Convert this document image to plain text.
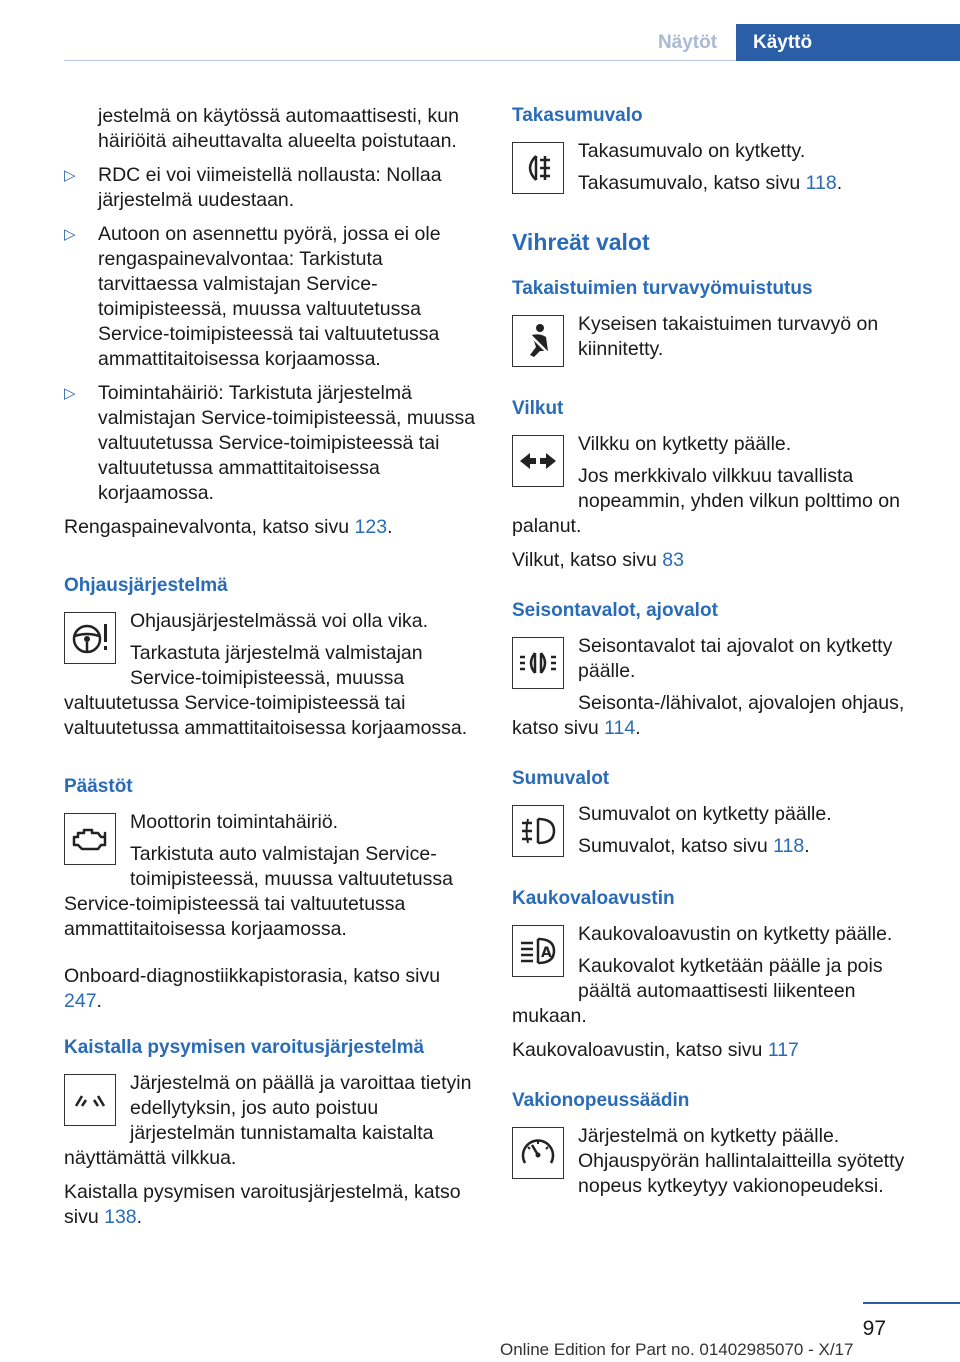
Näytöt	Käyttö

jestelmä on käytössä automaattisesti, kun häiriöitä aiheuttavalta alueelta poistutaan.

▷ RDC ei voi viimeistellä nollausta: Nollaa järjestelmä uudestaan.
▷ Autoon on asennettu pyörä, jossa ei ole rengaspainevalvontaa: Tarkistuta tarvittaessa valmistajan Service-toimipisteessä, muussa valtuutetussa Service-toimipisteessä tai valtuutetussa ammattitaitoisessa korjaamossa.
▷ Toimintahäiriö: Tarkistuta järjestelmä valmistajan Service-toimipisteessä, muussa valtuutetussa Service-toimipisteessä tai valtuutetussa ammattitaitoisessa korjaamossa.

Rengaspainevalvonta, katso sivu 123.

Ohjausjärjestelmä

Ohjausjärjestelmässä voi olla vika.

Tarkastuta järjestelmä valmistajan Service-toimipisteessä, muussa valtuutetussa Service-toimipisteessä tai valtuutetussa ammattitaitoisessa korjaamossa.

Päästöt

Moottorin toimintahäiriö.

Tarkistuta auto valmistajan Service-toimipisteessä, muussa valtuutetussa Service-toimipisteessä tai valtuutetussa ammattitaitoisessa korjaamossa.

Onboard-diagnostiikkapistorasia, katso sivu 247.

Kaistalla pysymisen varoitusjärjestelmä

Järjestelmä on päällä ja varoittaa tietyin edellytyksin, jos auto poistuu järjestelmän tunnistamalta kaistalta näyttämättä vilkkua.

Kaistalla pysymisen varoitusjärjestelmä, katso sivu 138.

Takasumuvalo

Takasumuvalo on kytketty.

Takasumuvalo, katso sivu 118.

Vihreät valot
Takaistuimien turvavyömuistutus

Kyseisen takaistuimen turvavyö on kiinnitetty.

Vilkut

Vilkku on kytketty päälle.

Jos merkkivalo vilkkuu tavallista nopeammin, yhden vilkun polttimo on palanut.

Vilkut, katso sivu 83

Seisontavalot, ajovalot

Seisontavalot tai ajovalot on kytketty päälle.

Seisonta-/lähivalot, ajovalojen ohjaus, katso sivu 114.

Sumuvalot

Sumuvalot on kytketty päälle.

Sumuvalot, katso sivu 118.

Kaukovaloavustin
A

Kaukovaloavustin on kytketty päälle.

Kaukovalot kytketään päälle ja pois päältä automaattisesti liikenteen mukaan.

Kaukovaloavustin, katso sivu 117

Vakionopeussäädin

Järjestelmä on kytketty päälle. Ohjauspyörän hallintalaitteilla syötetty nopeus kytkeytyy vakionopeudeksi.

97
Online Edition for Part no. 01402985070 - X/17
